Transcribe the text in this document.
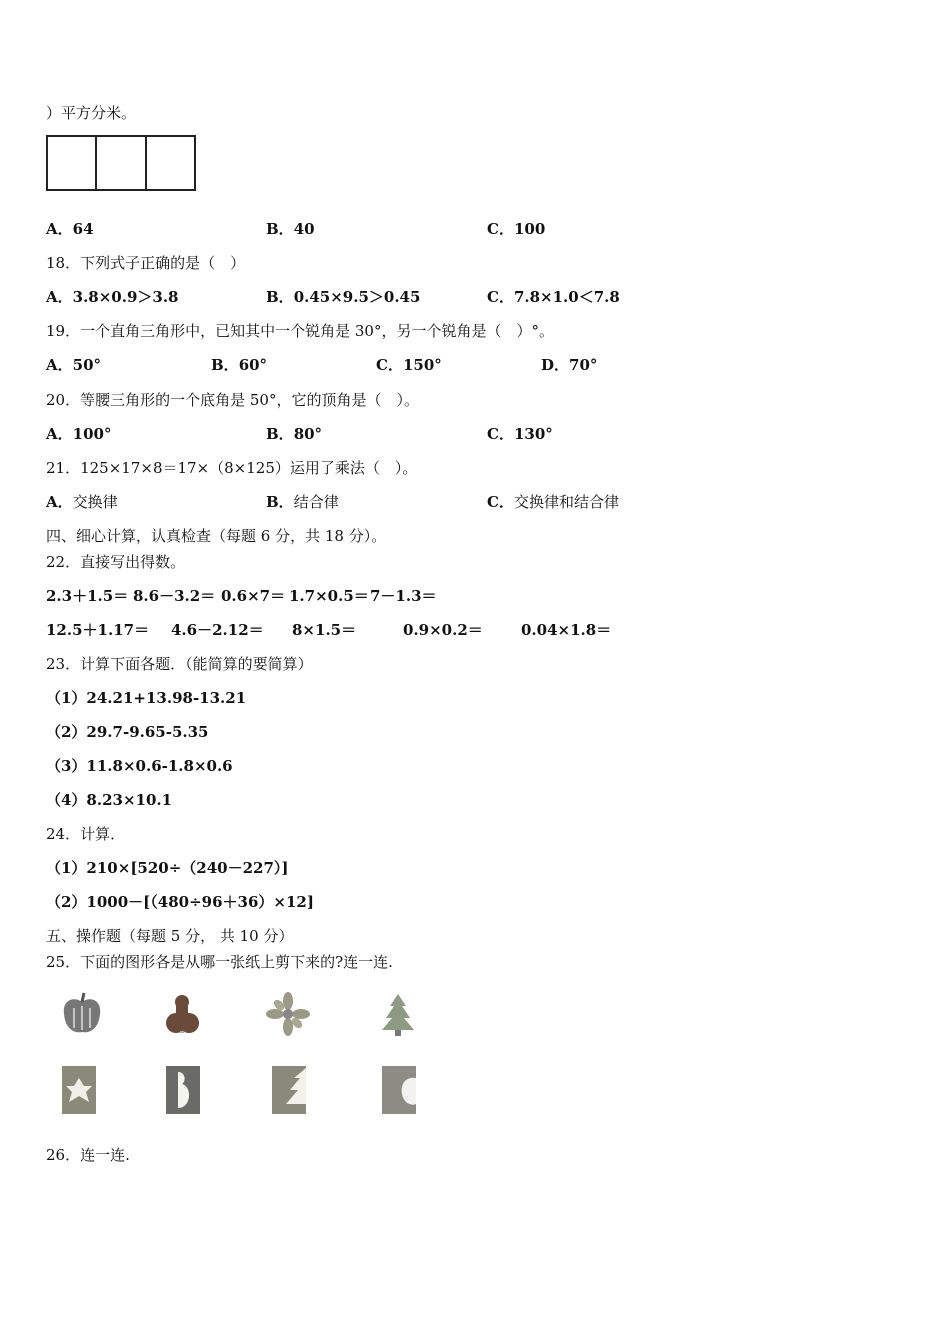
）平方分米。
A．64	B．40	C．100
18．下列式子正确的是（　）
A．3.8×0.9＞3.8	B．0.45×9.5＞0.45	C．7.8×1.0＜7.8
19．一个直角三角形中，已知其中一个锐角是 30°，另一个锐角是（　）°。
A．50°	B．60°	C．150°	D．70°
20．等腰三角形的一个底角是 50°，它的顶角是（　）。
A．100°	B．80°	C．130°
21．125×17×8＝17×（8×125）运用了乘法（　）。
A．交换律	B．结合律	C．交换律和结合律
四、细心计算，认真检查（每题 6 分，共 18 分）。
22．直接写出得数。
2.3＋1.5＝ 8.6－3.2＝ 0.6×7＝ 1.7×0.5＝ 7－1.3＝
12.5＋1.17＝ 4.6－2.12＝ 8×1.5＝	0.9×0.2＝	0.04×1.8＝
23．计算下面各题．（能简算的要简算）
（1）24.21+13.98-13.21
（2）29.7-9.65-5.35
（3）11.8×0.6-1.8×0.6
（4）8.23×10.1
24．计算．
（1）210×[520÷（240－227）]
（2）1000－[（480÷96＋36）×12]
五、操作题（每题 5 分， 共 10 分）
25．下面的图形各是从哪一张纸上剪下来的?连一连.
26．连一连.
